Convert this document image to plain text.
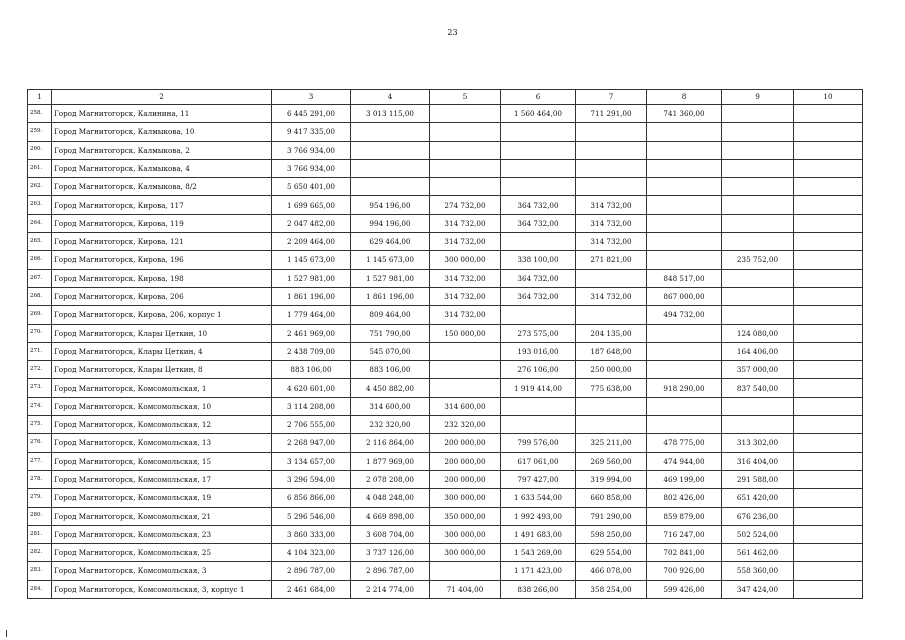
23
1	2	3	4	5	6	7	8	9	10
258.	Город Магнитогорск, Калинина, 11	6 445 291,00	3 013 115,00		1 560 464,00	711 291,00	741 360,00		
259.	Город Магнитогорск, Калмыкова, 10	9 417 335,00							
260.	Город Магнитогорск, Калмыкова, 2	3 766 934,00							
261.	Город Магнитогорск, Калмыкова, 4	3 766 934,00							
262.	Город Магнитогорск, Калмыкова, 8/2	5 650 401,00							
263.	Город Магнитогорск, Кирова, 117	1 699 665,00	954 196,00	274 732,00	364 732,00	314 732,00			
264.	Город Магнитогорск, Кирова, 119	2 047 482,00	994 196,00	314 732,00	364 732,00	314 732,00			
265.	Город Магнитогорск, Кирова, 121	2 209 464,00	629 464,00	314 732,00		314 732,00			
266.	Город Магнитогорск, Кирова, 196	1 145 673,00	1 145 673,00	300 000,00	338 100,00	271 821,00		235 752,00	
267.	Город Магнитогорск, Кирова, 198	1 527 981,00	1 527 981,00	314 732,00	364 732,00		848 517,00		
268.	Город Магнитогорск, Кирова, 206	1 861 196,00	1 861 196,00	314 732,00	364 732,00	314 732,00	867 000,00		
269.	Город Магнитогорск, Кирова, 206, корпус 1	1 779 464,00	809 464,00	314 732,00			494 732,00		
270.	Город Магнитогорск, Клары Цеткин, 10	2 461 969,00	751 790,00	150 000,00	273 575,00	204 135,00		124 080,00	
271.	Город Магнитогорск, Клары Цеткин, 4	2 438 709,00	545 070,00		193 016,00	187 648,00		164 406,00	
272.	Город Магнитогорск, Клары Цеткин, 8	883 106,00	883 106,00		276 106,00	250 000,00		357 000,00	
273.	Город Магнитогорск, Комсомольская, 1	4 620 601,00	4 450 882,00		1 919 414,00	775 638,00	918 290,00	837 540,00	
274.	Город Магнитогорск, Комсомольская, 10	3 114 208,00	314 600,00	314 600,00					
275.	Город Магнитогорск, Комсомольская, 12	2 706 555,00	232 320,00	232 320,00					
276.	Город Магнитогорск, Комсомольская, 13	2 268 947,00	2 116 864,00	200 000,00	799 576,00	325 211,00	478 775,00	313 302,00	
277.	Город Магнитогорск, Комсомольская, 15	3 134 657,00	1 877 969,00	200 000,00	617 061,00	269 560,00	474 944,00	316 404,00	
278.	Город Магнитогорск, Комсомольская, 17	3 296 594,00	2 078 208,00	200 000,00	797 427,00	319 994,00	469 199,00	291 588,00	
279.	Город Магнитогорск, Комсомольская, 19	6 856 866,00	4 048 248,00	300 000,00	1 633 544,00	660 858,00	802 426,00	651 420,00	
280.	Город Магнитогорск, Комсомольская, 21	5 296 546,00	4 669 898,00	350 000,00	1 992 493,00	791 290,00	859 879,00	676 236,00	
281.	Город Магнитогорск, Комсомольская, 23	3 860 333,00	3 608 704,00	300 000,00	1 491 683,00	598 250,00	716 247,00	502 524,00	
282.	Город Магнитогорск, Комсомольская, 25	4 104 323,00	3 737 126,00	300 000,00	1 543 269,00	629 554,00	702 841,00	561 462,00	
283.	Город Магнитогорск, Комсомольская, 3	2 896 787,00	2 896 787,00		1 171 423,00	466 078,00	700 926,00	558 360,00	
284.	Город Магнитогорск, Комсомольская, 3, корпус 1	2 461 684,00	2 214 774,00	71 404,00	838 266,00	358 254,00	599 426,00	347 424,00	
